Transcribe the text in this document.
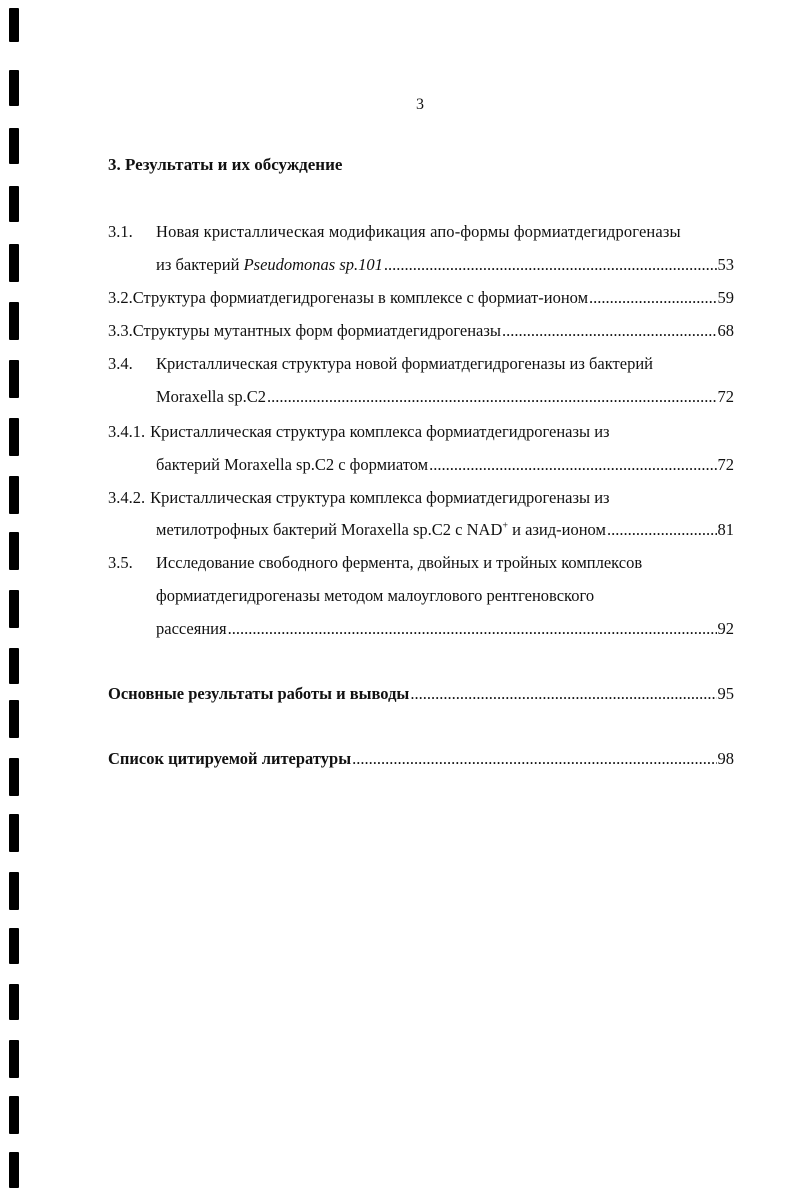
3
3. Результаты и их обсуждение
3.1.	Новая кристаллическая модификация апо-формы формиатдегидрогеназы
из бактерий Pseudomonas sp.101 .....	53
3.2. Структура формиатдегидрогеназы в комплексе с формиат-ионом .....	59
3.3. Структуры мутантных форм формиатдегидрогеназы .....	68
3.4.	Кристаллическая структура новой формиатдегидрогеназы из бактерий
Moraxella sp.C2 .....	72
3.4.1. Кристаллическая структура комплекса формиатдегидрогеназы из
бактерий Moraxella sp.C2 с формиатом .....	72
3.4.2. Кристаллическая структура комплекса формиатдегидрогеназы из
метилотрофных бактерий Moraxella sp.C2 с NAD+ и азид-ионом .....	81
3.5.	Исследование свободного фермента, двойных и тройных комплексов
формиатдегидрогеназы методом малоуглового рентгеновского
рассеяния .....	92
Основные результаты работы и выводы .....	95
Список цитируемой литературы .....	98
